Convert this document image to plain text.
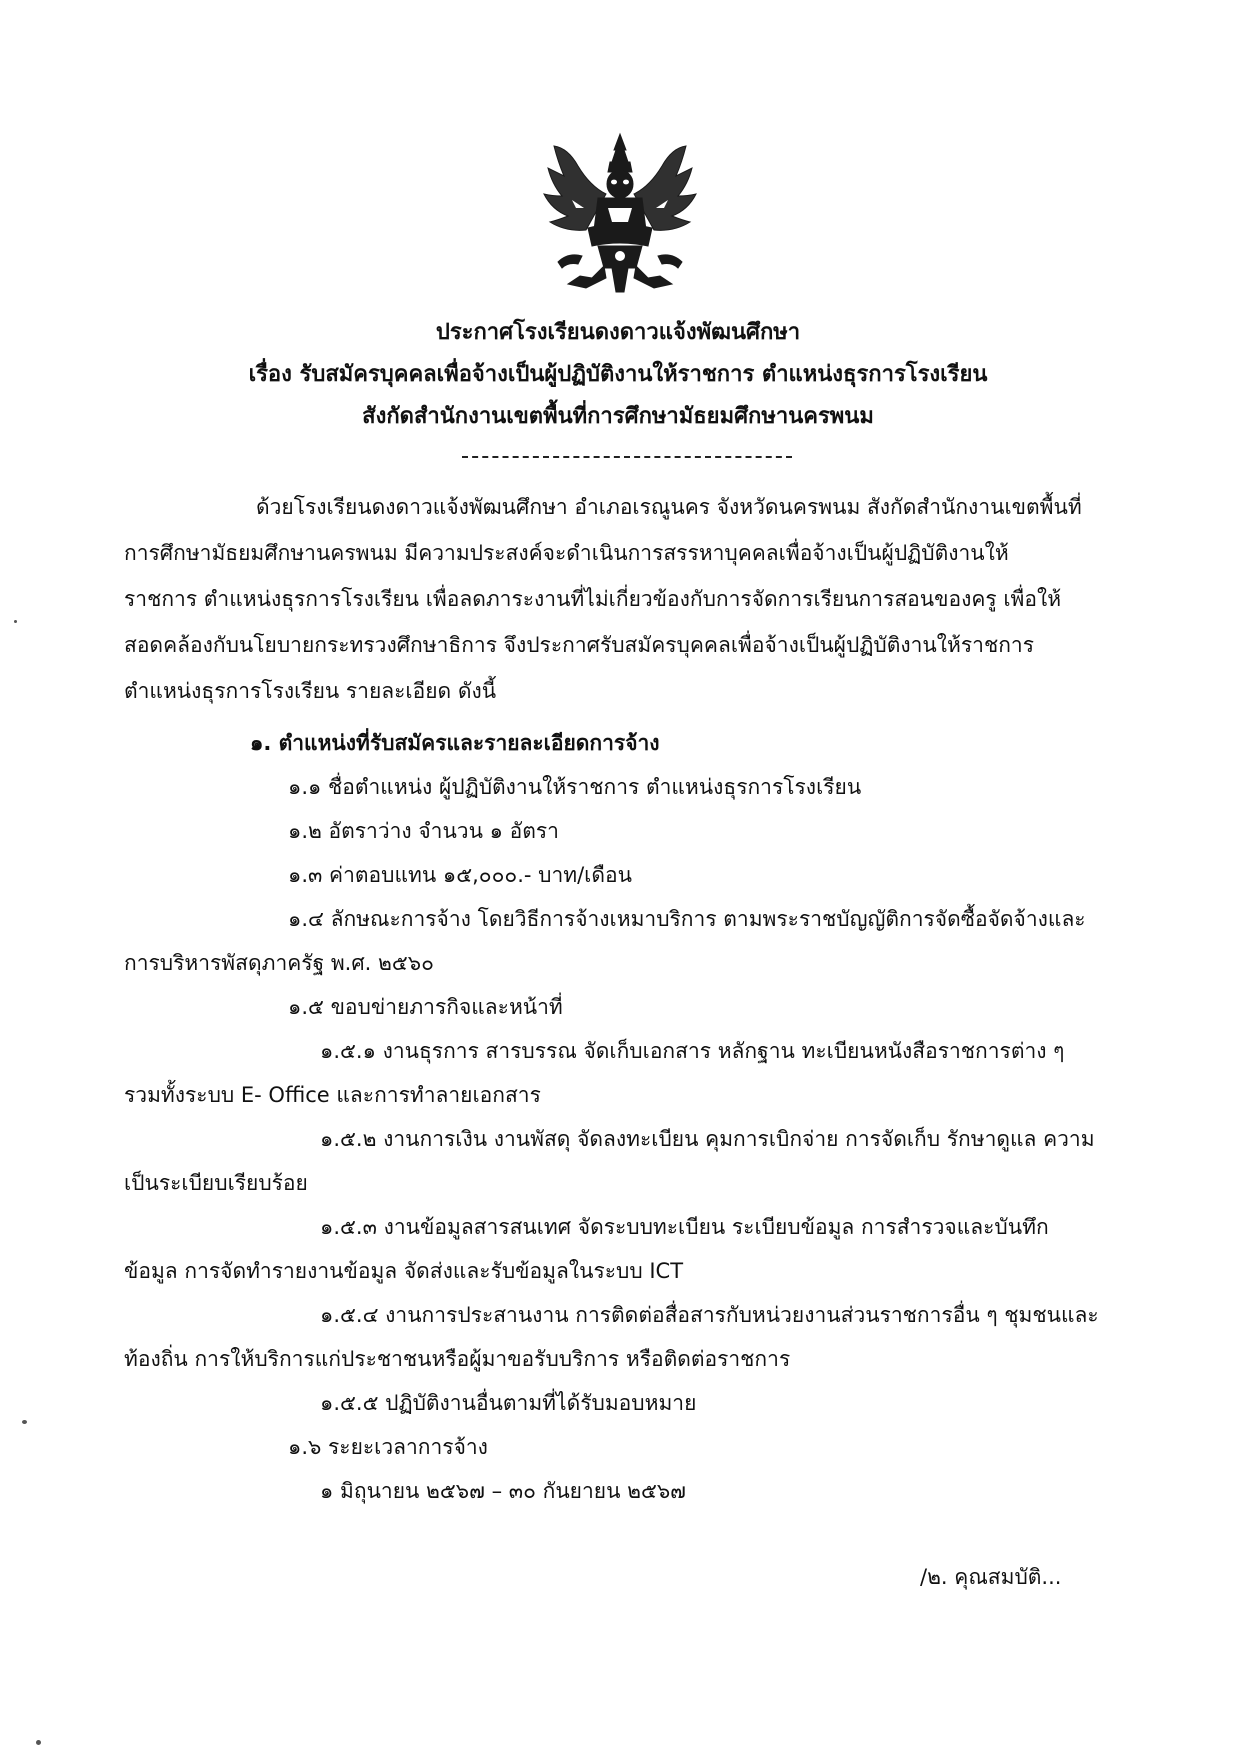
ประกาศโรงเรียนดงดาวแจ้งพัฒนศึกษา
เรื่อง รับสมัครบุคคลเพื่อจ้างเป็นผู้ปฏิบัติงานให้ราชการ ตำแหน่งธุรการโรงเรียน
สังกัดสำนักงานเขตพื้นที่การศึกษามัธยมศึกษานครพนม
ด้วยโรงเรียนดงดาวแจ้งพัฒนศึกษา อำเภอเรณูนคร จังหวัดนครพนม สังกัดสำนักงานเขตพื้นที่
การศึกษามัธยมศึกษานครพนม มีความประสงค์จะดำเนินการสรรหาบุคคลเพื่อจ้างเป็นผู้ปฏิบัติงานให้
ราชการ ตำแหน่งธุรการโรงเรียน เพื่อลดภาระงานที่ไม่เกี่ยวข้องกับการจัดการเรียนการสอนของครู เพื่อให้
สอดคล้องกับนโยบายกระทรวงศึกษาธิการ จึงประกาศรับสมัครบุคคลเพื่อจ้างเป็นผู้ปฏิบัติงานให้ราชการ
ตำแหน่งธุรการโรงเรียน รายละเอียด ดังนี้
๑. ตำแหน่งที่รับสมัครและรายละเอียดการจ้าง
๑.๑ ชื่อตำแหน่ง ผู้ปฏิบัติงานให้ราชการ ตำแหน่งธุรการโรงเรียน
๑.๒ อัตราว่าง จำนวน ๑ อัตรา
๑.๓ ค่าตอบแทน ๑๕,๐๐๐.- บาท/เดือน
๑.๔ ลักษณะการจ้าง โดยวิธีการจ้างเหมาบริการ ตามพระราชบัญญัติการจัดซื้อจัดจ้างและ
การบริหารพัสดุภาครัฐ พ.ศ. ๒๕๖๐
๑.๕ ขอบข่ายภารกิจและหน้าที่
๑.๕.๑ งานธุรการ สารบรรณ จัดเก็บเอกสาร หลักฐาน ทะเบียนหนังสือราชการต่าง ๆ
รวมทั้งระบบ E- Office และการทำลายเอกสาร
๑.๕.๒ งานการเงิน งานพัสดุ จัดลงทะเบียน คุมการเบิกจ่าย การจัดเก็บ รักษาดูแล ความ
เป็นระเบียบเรียบร้อย
๑.๕.๓ งานข้อมูลสารสนเทศ จัดระบบทะเบียน ระเบียบข้อมูล การสำรวจและบันทึก
ข้อมูล การจัดทำรายงานข้อมูล จัดส่งและรับข้อมูลในระบบ ICT
๑.๕.๔ งานการประสานงาน การติดต่อสื่อสารกับหน่วยงานส่วนราชการอื่น ๆ ชุมชนและ
ท้องถิ่น การให้บริการแก่ประชาชนหรือผู้มาขอรับบริการ หรือติดต่อราชการ
๑.๕.๕ ปฏิบัติงานอื่นตามที่ได้รับมอบหมาย
๑.๖ ระยะเวลาการจ้าง
๑ มิถุนายน ๒๕๖๗ – ๓๐ กันยายน ๒๕๖๗
/๒. คุณสมบัติ...
